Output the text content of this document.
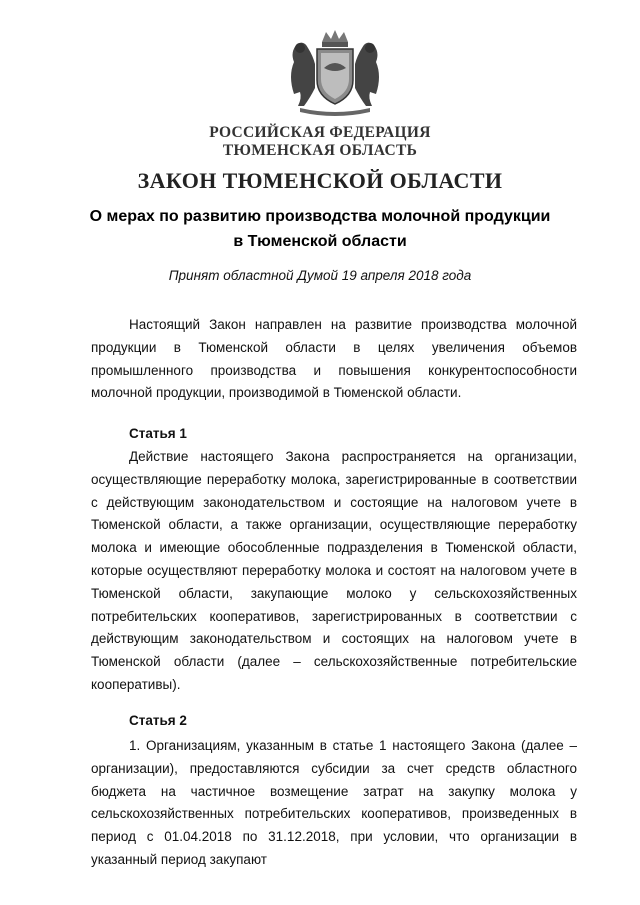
РОССИЙСКАЯ ФЕДЕРАЦИЯ
ТЮМЕНСКАЯ ОБЛАСТЬ
ЗАКОН ТЮМЕНСКОЙ ОБЛАСТИ
О мерах по развитию производства молочной продукции
в Тюменской области
Принят областной Думой 19 апреля 2018 года

Настоящий Закон направлен на развитие производства молочной продукции в Тюменской области в целях увеличения объемов промышленного производства и повышения конкурентоспособности молочной продукции, производимой в Тюменской области.

Статья 1

Действие настоящего Закона распространяется на организации, осуществляющие переработку молока, зарегистрированные в соответствии с действующим законодательством и состоящие на налоговом учете в Тюменской области, а также организации, осуществляющие переработку молока и имеющие обособленные подразделения в Тюменской области, которые осуществляют переработку молока и состоят на налоговом учете в Тюменской области, закупающие молоко у сельскохозяйственных потребительских кооперативов, зарегистрированных в соответствии с действующим законодательством и состоящих на налоговом учете в Тюменской области (далее – сельскохозяйственные потребительские кооперативы).

Статья 2

1. Организациям, указанным в статье 1 настоящего Закона (далее – организации), предоставляются субсидии за счет средств областного бюджета на частичное возмещение затрат на закупку молока у сельскохозяйственных потребительских кооперативов, произведенных в период с 01.04.2018 по 31.12.2018, при условии, что организации в указанный период закупают
